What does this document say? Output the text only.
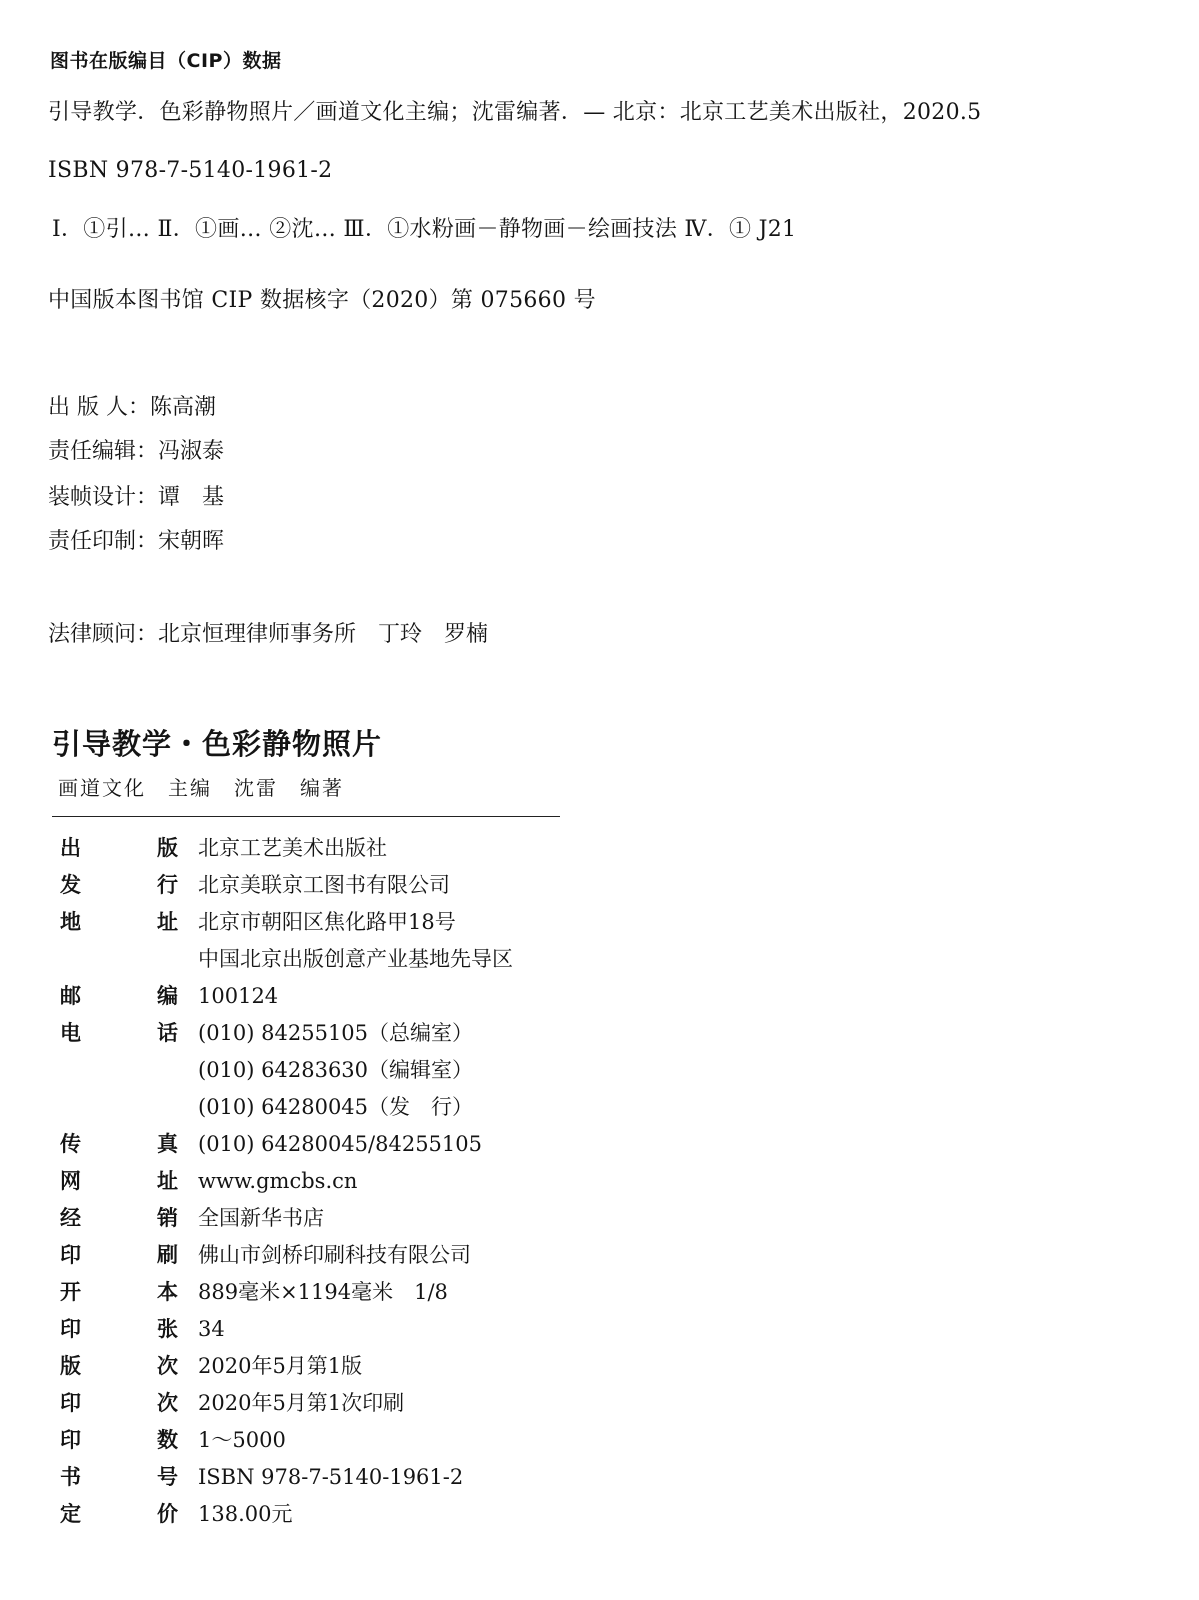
图书在版编目（CIP）数据
引导教学．色彩静物照片／画道文化主编；沈雷编著．— 北京：北京工艺美术出版社，2020.5
ISBN 978-7-5140-1961-2
Ⅰ．①引… Ⅱ．①画… ②沈… Ⅲ．①水粉画－静物画－绘画技法 Ⅳ．① J21
中国版本图书馆 CIP 数据核字（2020）第 075660 号
出 版 人：陈高潮
责任编辑：冯淑泰
装帧设计：谭　基
责任印制：宋朝晖
法律顾问：北京恒理律师事务所　丁玲　罗楠
引导教学・色彩静物照片
画道文化　主编　沈雷　编著
出	版 北京工艺美术出版社
发	行 北京美联京工图书有限公司
地	址 北京市朝阳区焦化路甲18号
中国北京出版创意产业基地先导区
邮	编 100124
电	话 (010) 84255105（总编室）
(010) 64283630（编辑室）
(010) 64280045（发　行）
传	真 (010) 64280045/84255105
网	址 www.gmcbs.cn
经	销 全国新华书店
印	刷 佛山市剑桥印刷科技有限公司
开	本 889毫米×1194毫米　1/8
印	张 34
版	次 2020年5月第1版
印	次 2020年5月第1次印刷
印	数 1～5000
书	号 ISBN 978-7-5140-1961-2
定	价 138.00元
